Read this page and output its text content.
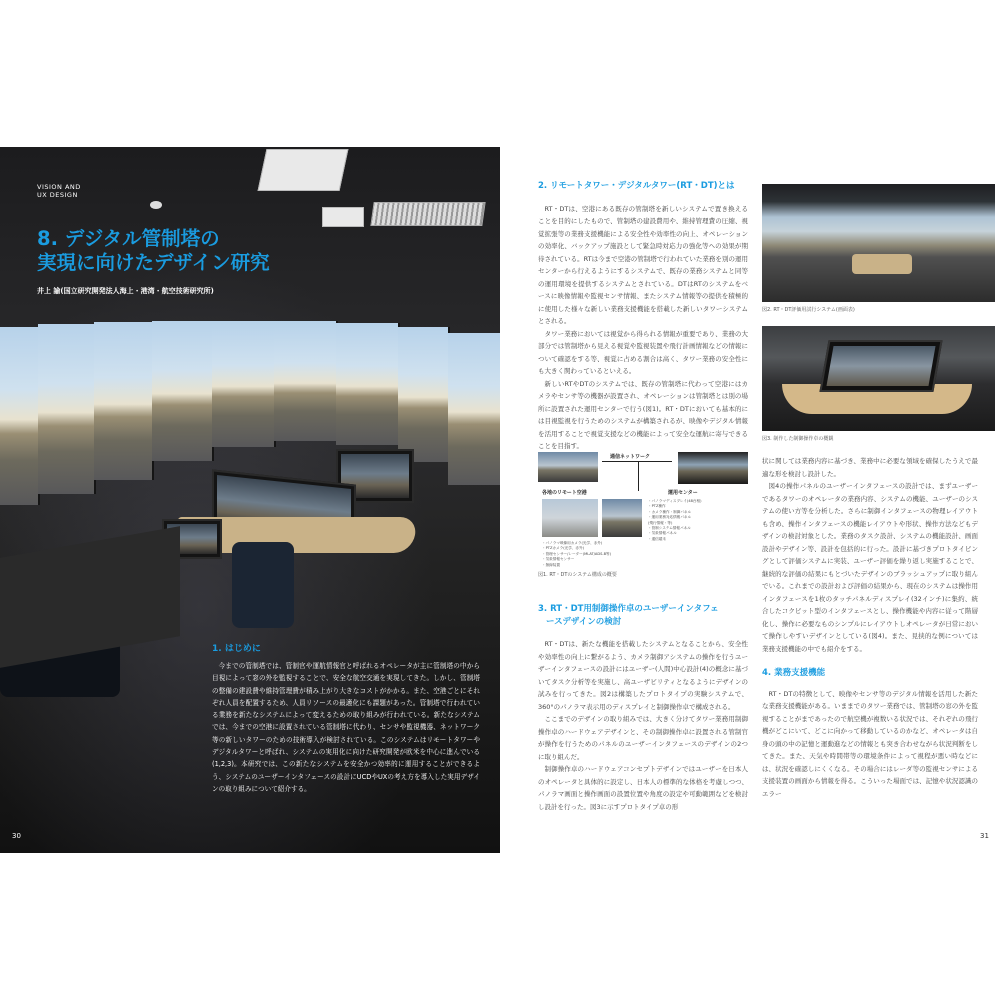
VISION AND
UX DESIGN
8. デジタル管制塔の
実現に向けたデザイン研究
井上 諭(国立研究開発法人海上・港湾・航空技術研究所)
1. はじめに

今までの管制塔では、管制官や運航情報官と呼ばれるオペレータが主に管制塔の中から目視によって窓の外を監視することで、安全な航空交通を実現してきた。しかし、管制塔の整備の建設費や維持管理費が積み上がり大きなコストがかかる。また、空港ごとにそれぞれ人員を配置するため、人員リソースの最適化にも課題があった。管制塔で行われている業務を新たなシステムによって変えるための取り組みが行われている。新たなシステムでは、今までの空港に設置されている管制塔に代わり、センサや監視機器、ネットワーク等の新しいタワーのための技術導入が検討されている。このシステムはリモートタワーやデジタルタワーと呼ばれ、システムの実用化に向けた研究開発が欧米を中心に進んでいる(1,2,3)。本研究では、この新たなシステムを安全かつ効率的に運用することができるよう、システムのユーザーインタフェースの設計にUCDやUXの考え方を導入した実用デザインの取り組みについて紹介する。

30
2. リモートタワー・デジタルタワー(RT・DT)とは

RT・DTは、空港にある既存の管制塔を新しいシステムで置き換えることを目的にしたもので、管制塔の建設費用や、維持管理費の圧縮、視覚拡張等の業務支援機能による安全性や効率性の向上、オペレーションの効率化、バックアップ施設として緊急時対応力の強化等への効果が期待されている。RTは今まで空港の管制塔で行われていた業務を別の運用センターから行えるようにするシステムで、既存の業務システムと同等の運用環境を提供するシステムとされている。DTはRTのシステムをベースに映像情報や監視センサ情報、またシステム情報等の提供を積極的に使用した様々な新しい業務支援機能を搭載した新しいタワーシステムとされる。

タワー業務においては視覚から得られる情報が重要であり、業務の大部分では管制塔から見える視覚や監視装置や飛行計画情報などの情報について確認をする等、視覚に占める割合は高く、タワー業務の安全性にも大きく関わっているといえる。

新しいRTやDTのシステムでは、既存の管制塔に代わって空港にはカメラやセンサ等の機器が設置され、オペレーションは管制塔とは別の場所に設置された運用センターで行う(図1)。RT・DTにおいても基本的には目視監視を行うためのシステムが構築されるが、映像やデジタル情報を活用することで視覚支援などの機能によって安全な運航に寄与できることを目指す。

通信ネットワーク
各地のリモート空港	運用センター
・パノラマディスプレイ(48台相)
・PTZ操作
・カメラ操作・制御パネル
・運用業務対応情報パネル
(飛行情報・等)
・管制システム情報パネル
・気象情報パネル
・通信端末
・パノラマ映像用カメラ(光学、赤外)
・PTZカメラ(光学、赤外)
・管理センサー/レーダー(MLAT/ADS-B等)
・気象情報センサー
・無線装置
図1. RT・DTのシステム構成の概要
3. RT・DT用制御操作卓のユーザーインタフェ
ースデザインの検討

RT・DTは、新たな機能を搭載したシステムとなることから、安全性や効率性の向上に繋がるよう、カメラ制御アシステムの操作を行うユーザーインタフェースの設計にはユーザー(人間)中心設計(4)の概念に基づいてタスク分析等を実施し、高ユーザビリティとなるようにデザインの試みを行ってきた。図2は構築したプロトタイプの実験システムで、360°のパノラマ表示用のディスプレイと制御操作卓で構成される。

ここまでのデザインの取り組みでは、大きく分けてタワー業務用制御操作卓のハードウェアデザインと、その制御操作卓に設置される管制官が操作を行うためのパネルのユーザーインタフェースのデザインの2つに取り組んだ。

制御操作卓のハードウェアコンセプトデザインではユーザーを日本人のオペレータと具体的に設定し、日本人の標準的な体格を考慮しつつ、パノラマ画面と操作画面の設置位置や角度の設定や可動範囲などを検討し設計を行った。図3に示すプロトタイプ卓の形

図2. RT・DT評価用試行システム(画面表)
図3. 制作した制御操作卓の概観

状に関しては業務内容に基づき、業務中に必要な領域を確保したうえで最適な形を検討し設計した。

図4の操作パネルのユーザーインタフェースの設計では、まずユーザーであるタワーのオペレータの業務内容、システムの機能、ユーザーのシステムの使い方等を分析した。さらに制御インタフェースの物理レイアウトも含め、操作インタフェースの機能レイアウトや形状、操作方法などもデザインの検討対象とした。業務のタスク設計、システムの機能設計、画面設計やデザイン等、設計を包括的に行った。設計に基づきプロトタイピングとして評価システムに実装、ユーザー評価を繰り返し実施することで、継続的な評価の結果にもとづいたデザインのブラッシュアップに取り組んでいる。これまでの設計および評価の結果から、現在のシステムは操作用インタフェースを1枚のタッチパネルディスプレイ(32インチ)に集約、統合したコクピット型のインタフェースとし、操作機能や内容に従って階層化し、操作に必要なものシンプルにレイアウトしオペレータが日常において操作しやすいデザインとしている(図4)。また、見挟的な例については業務支援機能の中でも紹介をする。

4. 業務支援機能

RT・DTの特徴として、映像やセンサ等のデジタル情報を活用した新たな業務支援機能がある。いままでのタワー業務では、管制塔の窓の外を監視することがまであったので航空機が複数いる状況では、それぞれの飛行機がどこにいて、どこに向かって移動しているのかなど、オペレータは自身の頭の中の記憶と運動進などの情報とも突き合わせながら状況判断をしてきた。また、天気や時間帯等の環境条件によって視程が悪い時などには、状況を確認しにくくなる。その場合にはレーダ等の監視センサによる支援装置の画面から情報を得る。こういった場面では、記憶や状況認識のエラー

31
